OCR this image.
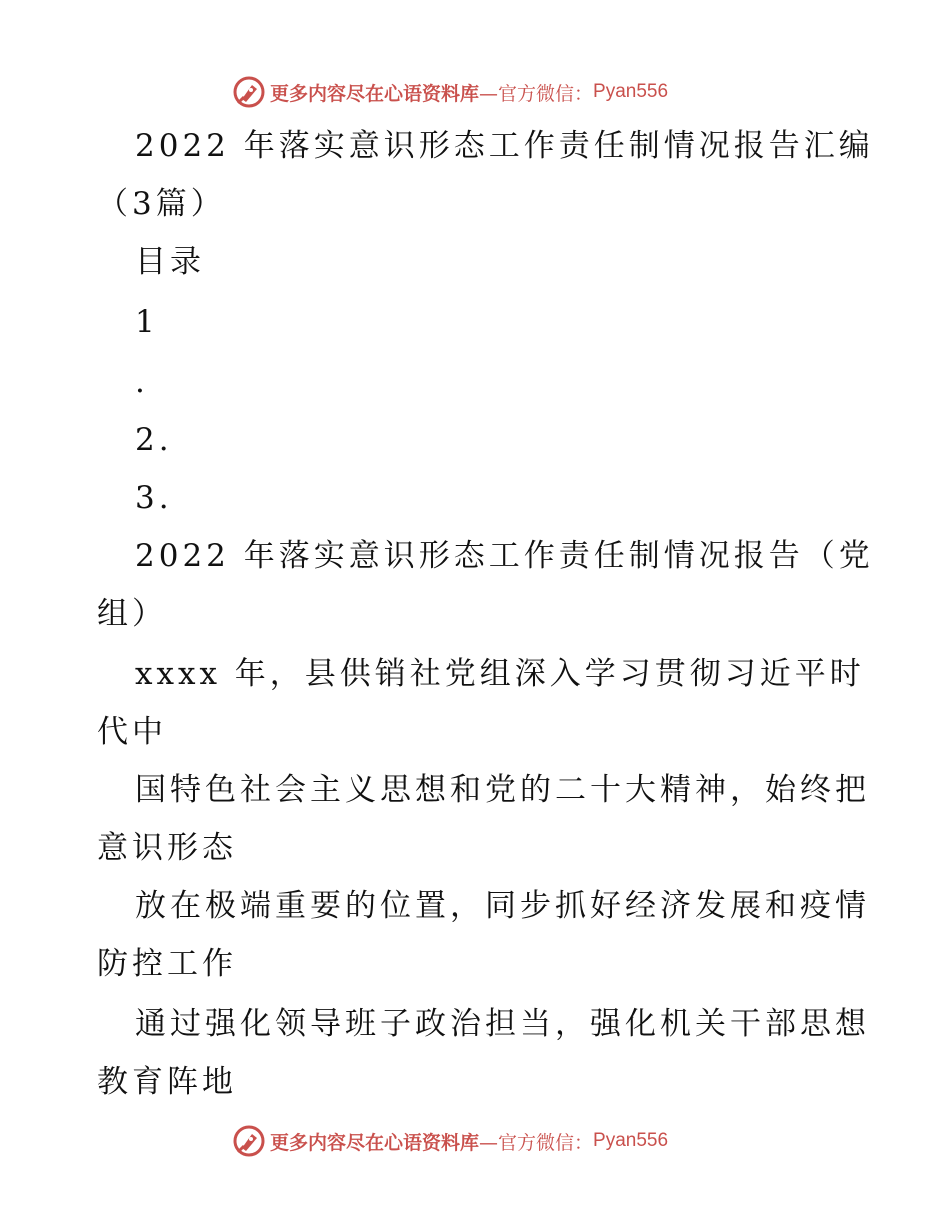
更多内容尽在心语资料库 —官方微信： Pyan556
2022 年落实意识形态工作责任制情况报告汇编
（3篇）
目录
1
.
2.
3.
2022 年落实意识形态工作责任制情况报告（党
组）
xxxx 年，县供销社党组深入学习贯彻习近平时
代中
国特色社会主义思想和党的二十大精神，始终把
意识形态
放在极端重要的位置，同步抓好经济发展和疫情
防控工作
通过强化领导班子政治担当，强化机关干部思想
教育阵地
更多内容尽在心语资料库 —官方微信： Pyan556
